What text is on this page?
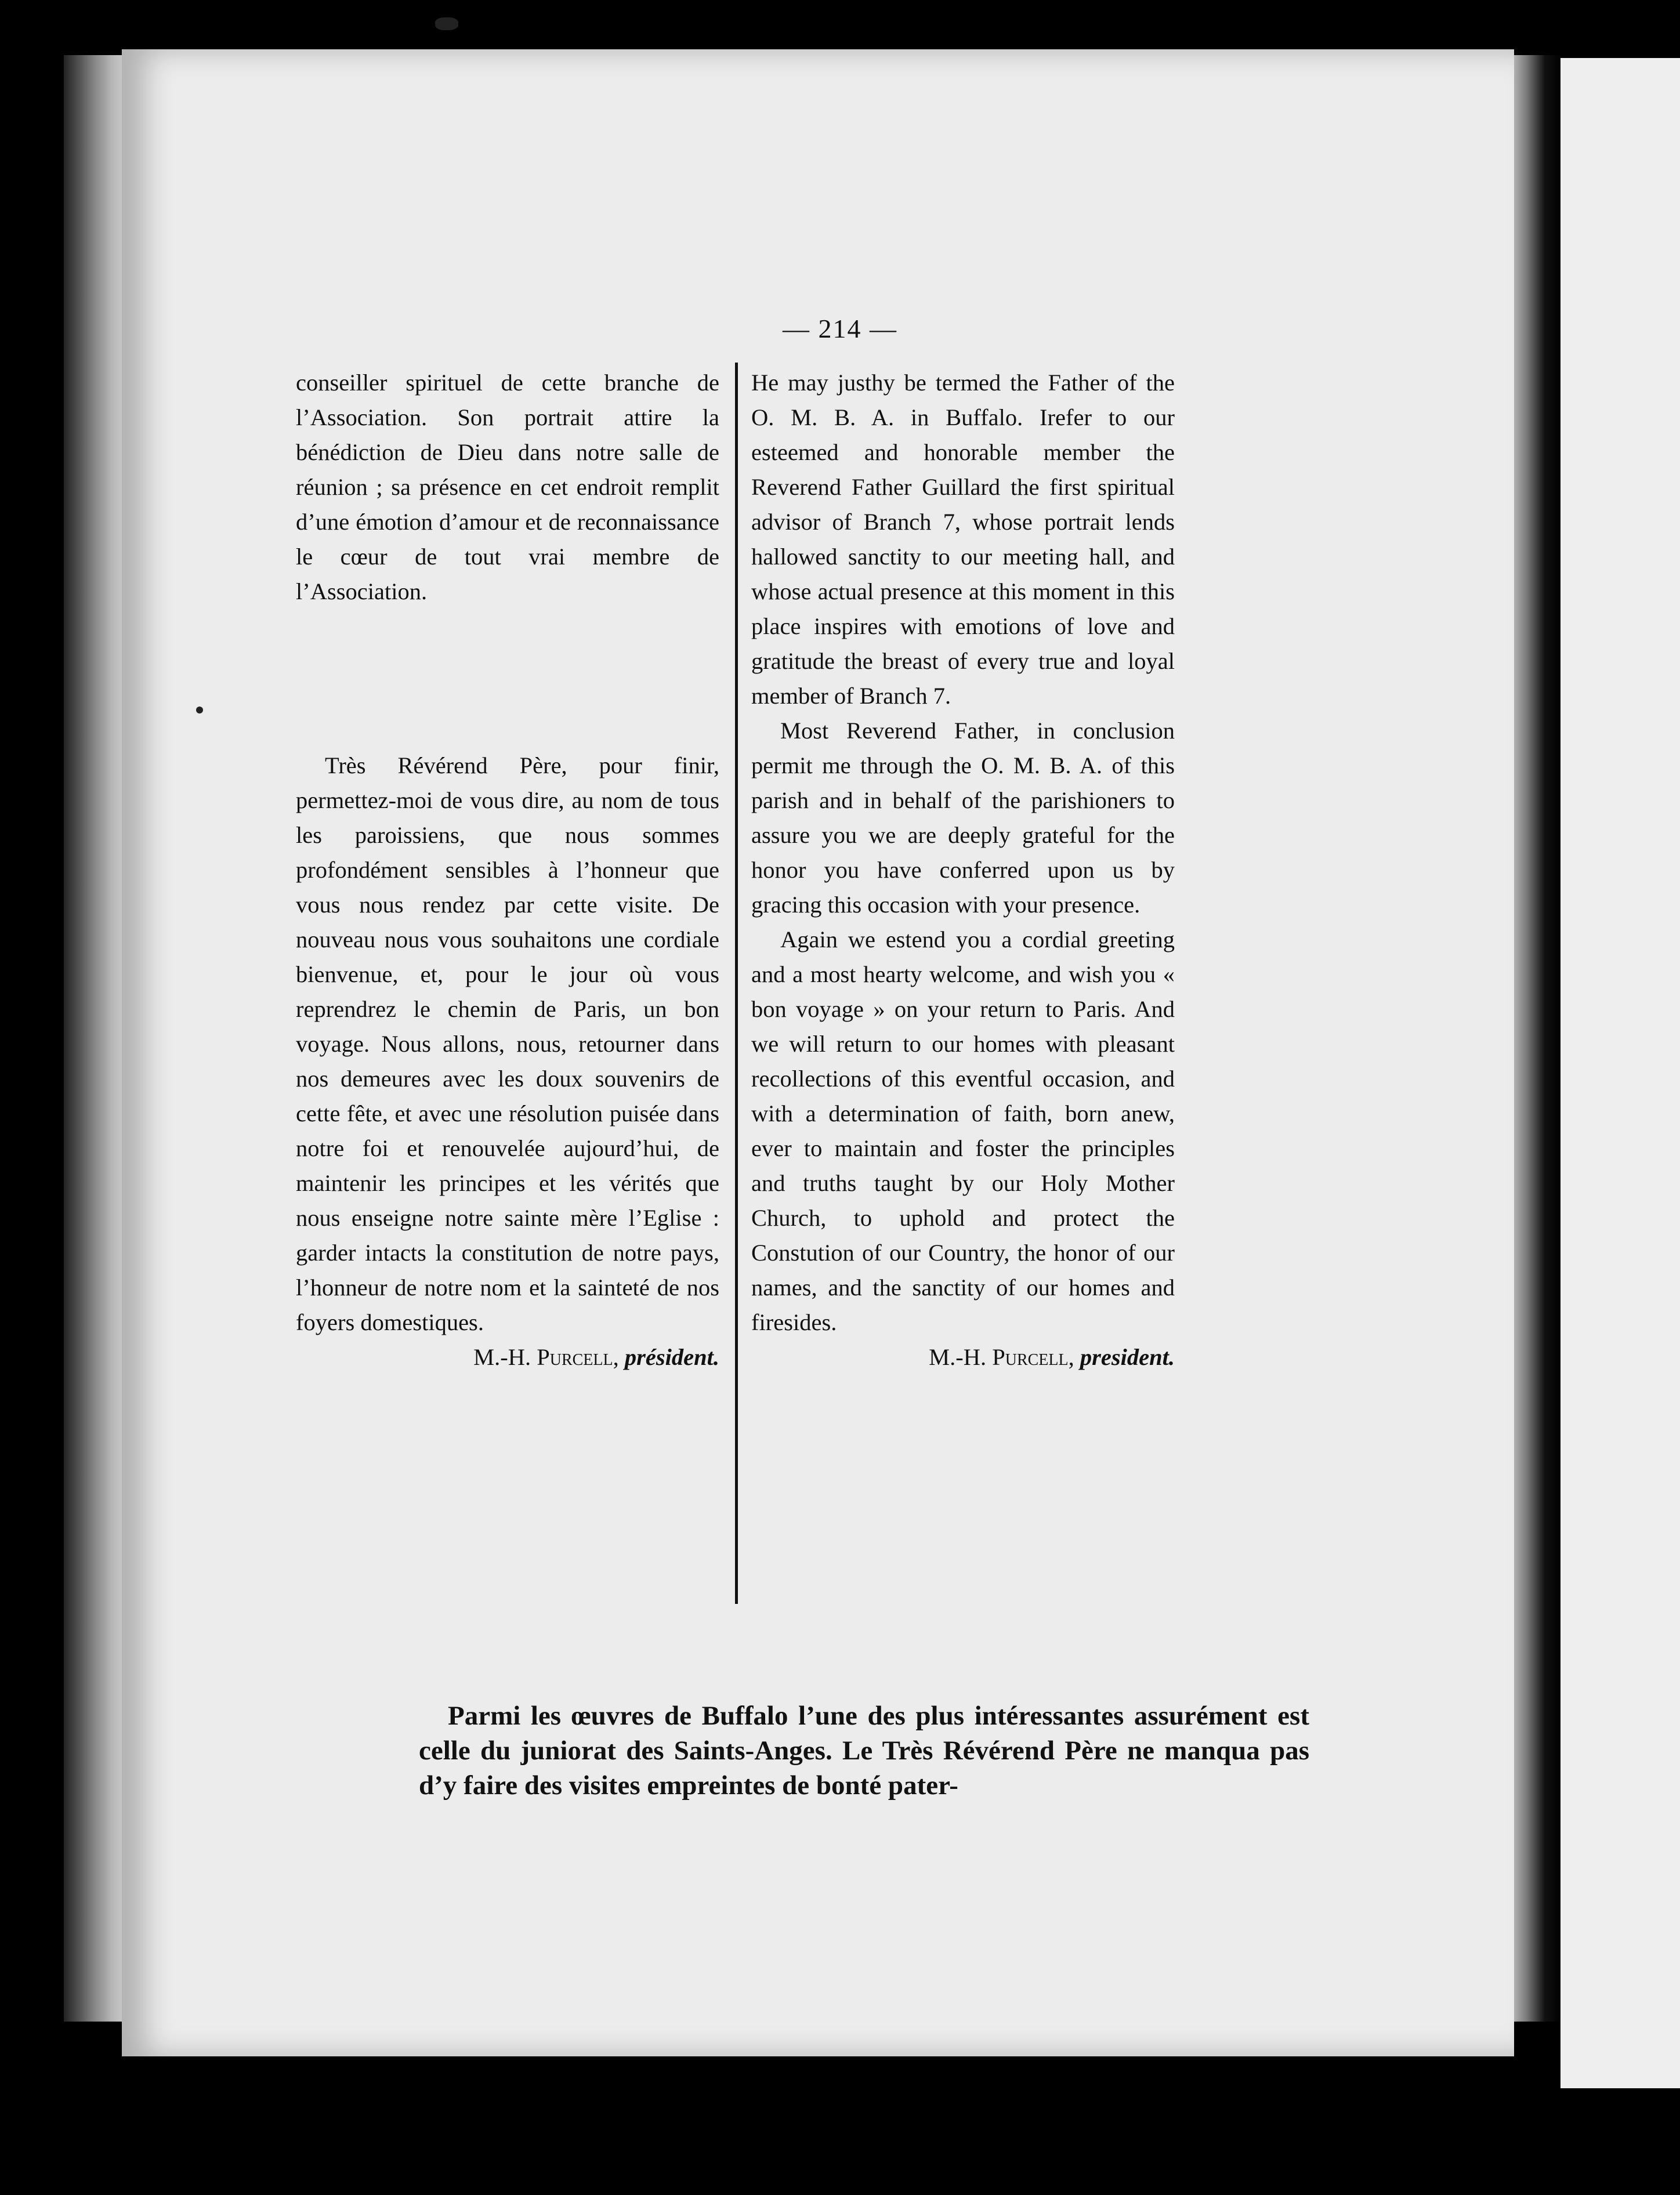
— 214 —

conseiller spirituel de cette branche de l’Association. Son portrait attire la bénédiction de Dieu dans notre salle de réunion ; sa présence en cet endroit remplit d’une émotion d’amour et de reconnaissance le cœur de tout vrai membre de l’Association.

Très Révérend Père, pour finir, permettez-moi de vous dire, au nom de tous les paroissiens, que nous sommes profondément sensibles à l’honneur que vous nous rendez par cette visite. De nouveau nous vous souhaitons une cordiale bienvenue, et, pour le jour où vous reprendrez le chemin de Paris, un bon voyage. Nous allons, nous, retourner dans nos demeures avec les doux souvenirs de cette fête, et avec une résolution puisée dans notre foi et renouvelée aujourd’hui, de maintenir les principes et les vérités que nous enseigne notre sainte mère l’Eglise : garder intacts la constitution de notre pays, l’honneur de notre nom et la sainteté de nos foyers domestiques.

M.-H. Purcell, président.

He may justhy be termed the Father of the O. M. B. A. in Buffalo. Irefer to our esteemed and honorable member the Reverend Father Guillard the first spiritual advisor of Branch 7, whose portrait lends hallowed sanctity to our meeting hall, and whose actual presence at this moment in this place inspires with emotions of love and gratitude the breast of every true and loyal member of Branch 7.

Most Reverend Father, in conclusion permit me through the O. M. B. A. of this parish and in behalf of the parishioners to assure you we are deeply grateful for the honor you have conferred upon us by gracing this occasion with your presence.

Again we estend you a cordial greeting and a most hearty welcome, and wish you « bon voyage » on your return to Paris. And we will return to our homes with pleasant recollections of this eventful occasion, and with a determination of faith, born anew, ever to maintain and foster the principles and truths taught by our Holy Mother Church, to uphold and protect the Constution of our Country, the honor of our names, and the sanctity of our homes and firesides.

M.-H. Purcell, president.

Parmi les œuvres de Buffalo l’une des plus intéressantes assurément est celle du juniorat des Saints-Anges. Le Très Révérend Père ne manqua pas d’y faire des visites empreintes de bonté pater-
